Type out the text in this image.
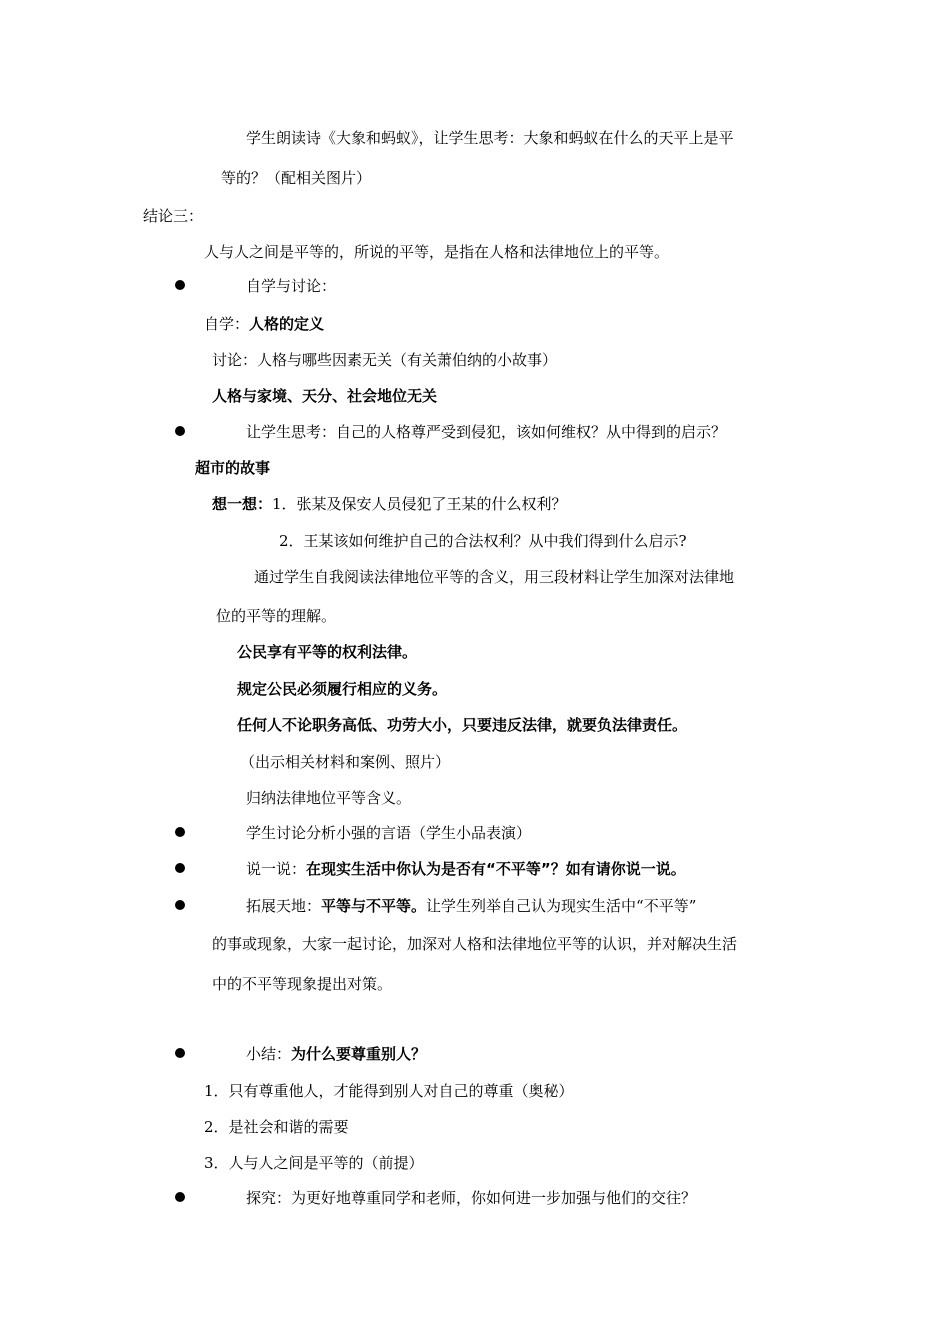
学生朗读诗《大象和蚂蚁》，让学生思考：大象和蚂蚁在什么的天平上是平
等的？（配相关图片）
结论三：
人与人之间是平等的，所说的平等，是指在人格和法律地位上的平等。
自学与讨论：
自学：人格的定义
讨论：人格与哪些因素无关（有关萧伯纳的小故事）
人格与家境、天分、社会地位无关
让学生思考：自己的人格尊严受到侵犯，该如何维权？从中得到的启示？
超市的故事
想一想：1．张某及保安人员侵犯了王某的什么权利？
2．王某该如何维护自己的合法权利？从中我们得到什么启示?
通过学生自我阅读法律地位平等的含义，用三段材料让学生加深对法律地
位的平等的理解。
公民享有平等的权利法律。
规定公民必须履行相应的义务。
任何人不论职务高低、功劳大小，只要违反法律，就要负法律责任。
（出示相关材料和案例、照片）
归纳法律地位平等含义。
学生讨论分析小强的言语（学生小品表演）
说一说：在现实生活中你认为是否有“不平等”？如有请你说一说。
拓展天地：平等与不平等。让学生列举自己认为现实生活中“不平等”
的事或现象，大家一起讨论，加深对人格和法律地位平等的认识，并对解决生活
中的不平等现象提出对策。
小结：为什么要尊重别人？
1．只有尊重他人，才能得到别人对自己的尊重（奥秘）
2．是社会和谐的需要
3．人与人之间是平等的（前提）
探究：为更好地尊重同学和老师，你如何进一步加强与他们的交往？
